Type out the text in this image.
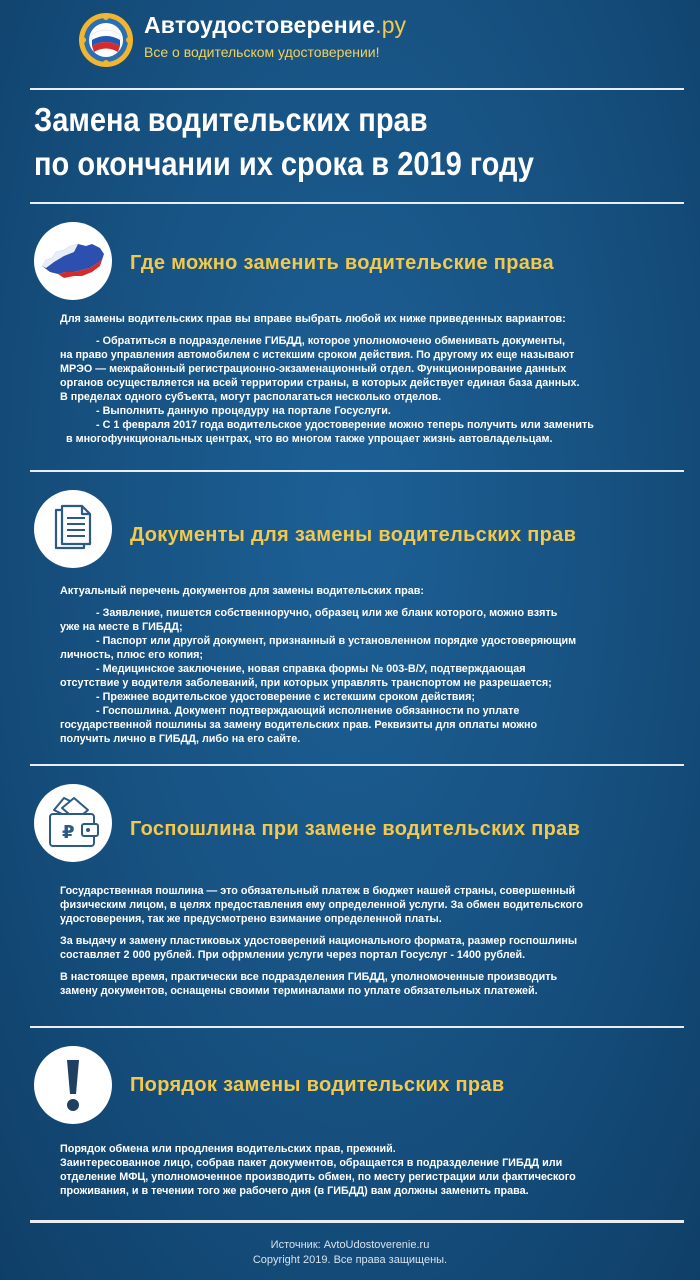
Автоудостоверение.ру
Все о водительском удостоверении!
Замена водительских прав
по окончании их срока в 2019 году
Где можно заменить водительские права

Для замены водительских прав вы вправе выбрать любой их ниже приведенных вариантов:

- Обратиться в подразделение ГИБДД, которое уполномочено обменивать документы,

на право управления автомобилем с истекшим сроком действия. По другому их еще называют

МРЭО — межрайонный регистрационно-экзаменационный отдел. Функционирование данных

органов осуществляется на всей территории страны, в которых действует единая база данных.

В пределах одного субъекта, могут располагаться несколько отделов.

- Выполнить данную процедуру на портале Госуслуги.

- С 1 февраля 2017 года водительское удостоверение можно теперь получить или заменить

в многофункциональных центрах, что во многом также упрощает жизнь автовладельцам.

Документы для замены водительских прав

Актуальный перечень документов для замены водительских прав:

- Заявление, пишется собственноручно, образец или же бланк которого, можно взять

уже на месте в ГИБДД;

- Паспорт или другой документ, признанный в установленном порядке удостоверяющим

личность, плюс его копия;

- Медицинское заключение, новая справка формы № 003-В/У, подтверждающая

отсутствие у водителя заболеваний, при которых управлять транспортом не разрешается;

- Прежнее водительское удостоверение с истекшим сроком действия;

- Госпошлина. Документ подтверждающий исполнение обязанности по уплате

государственной пошлины за замену водительских прав. Реквизиты для оплаты можно

получить лично в ГИБДД, либо на его сайте.

₽	Госпошлина при замене водительских прав

Государственная пошлина — это обязательный платеж в бюджет нашей страны, совершенный

физическим лицом, в целях предоставления ему определенной услуги. За обмен водительского

удостоверения, так же предусмотрено взимание определенной платы.

За выдачу и замену пластиковых удостоверений национального формата, размер госпошлины

составляет 2 000 рублей. При офрмлении услуги через портал Госуслуг - 1400 рублей.

В настоящее время, практически все подразделения ГИБДД, уполномоченные производить

замену документов, оснащены своими терминалами по уплате обязательных платежей.

Порядок замены водительских прав

Порядок обмена или продления водительских прав, прежний.

Заинтересованное лицо, собрав пакет документов, обращается в подразделение ГИБДД или

отделение МФЦ, уполномоченное производить обмен, по месту регистрации или фактического

проживания, и в течении того же рабочего дня (в ГИБДД) вам должны заменить права.

Источник: AvtoUdostoverenie.ru
Copyright 2019. Все права защищены.
